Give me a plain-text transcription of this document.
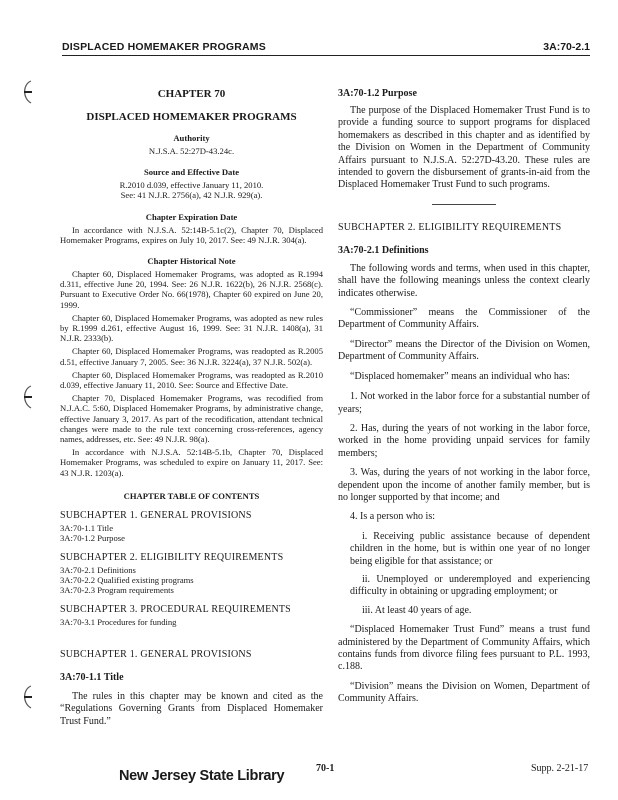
DISPLACED HOMEMAKER PROGRAMS	3A:70-2.1

CHAPTER 70

DISPLACED HOMEMAKER PROGRAMS

Authority

N.J.S.A. 52:27D-43.24c.

Source and Effective Date

R.2010 d.039, effective January 11, 2010.
See: 41 N.J.R. 2756(a), 42 N.J.R. 929(a).

Chapter Expiration Date

In accordance with N.J.S.A. 52:14B-5.1c(2), Chapter 70, Displaced Homemaker Programs, expires on July 10, 2017. See: 49 N.J.R. 304(a).

Chapter Historical Note

Chapter 60, Displaced Homemaker Programs, was adopted as R.1994 d.311, effective June 20, 1994. See: 26 N.J.R. 1622(b), 26 N.J.R. 2568(c). Pursuant to Executive Order No. 66(1978), Chapter 60 expired on June 20, 1999.

Chapter 60, Displaced Homemaker Programs, was adopted as new rules by R.1999 d.261, effective August 16, 1999. See: 31 N.J.R. 1408(a), 31 N.J.R. 2333(b).

Chapter 60, Displaced Homemaker Programs, was readopted as R.2005 d.51, effective January 7, 2005. See: 36 N.J.R. 3224(a), 37 N.J.R. 502(a).

Chapter 60, Displaced Homemaker Programs, was readopted as R.2010 d.039, effective January 11, 2010. See: Source and Effective Date.

Chapter 70, Displaced Homemaker Programs, was recodified from N.J.A.C. 5:60, Displaced Homemaker Programs, by administrative change, effective January 3, 2017. As part of the recodification, attendant technical changes were made to the rule text concerning cross-references, agency names, addresses, etc. See: 49 N.J.R. 98(a).

In accordance with N.J.S.A. 52:14B-5.1b, Chapter 70, Displaced Homemaker Programs, was scheduled to expire on January 11, 2017. See: 43 N.J.R. 1203(a).

CHAPTER TABLE OF CONTENTS

SUBCHAPTER 1. GENERAL PROVISIONS

3A:70-1.1 Title
3A:70-1.2 Purpose

SUBCHAPTER 2. ELIGIBILITY REQUIREMENTS

3A:70-2.1 Definitions
3A:70-2.2 Qualified existing programs
3A:70-2.3 Program requirements

SUBCHAPTER 3. PROCEDURAL REQUIREMENTS

3A:70-3.1 Procedures for funding

SUBCHAPTER 1. GENERAL PROVISIONS

3A:70-1.1 Title

The rules in this chapter may be known and cited as the “Regulations Governing Grants from Displaced Homemaker Trust Fund.”

3A:70-1.2 Purpose

The purpose of the Displaced Homemaker Trust Fund is to provide a funding source to support programs for displaced homemakers as described in this chapter and as identified by the Division on Women in the Department of Community Affairs pursuant to N.J.S.A. 52:27D-43.20. These rules are intended to govern the disbursement of grants-in-aid from the Displaced Homemaker Trust Fund to such programs.

SUBCHAPTER 2. ELIGIBILITY REQUIREMENTS

3A:70-2.1 Definitions

The following words and terms, when used in this chapter, shall have the following meanings unless the context clearly indicates otherwise.

“Commissioner” means the Commissioner of the Department of Community Affairs.

“Director” means the Director of the Division on Women, Department of Community Affairs.

“Displaced homemaker” means an individual who has:

1. Not worked in the labor force for a substantial number of years;

2. Has, during the years of not working in the labor force, worked in the home providing unpaid services for family members;

3. Was, during the years of not working in the labor force, dependent upon the income of another family member, but is no longer supported by that income; and

4. Is a person who is:

i. Receiving public assistance because of dependent children in the home, but is within one year of no longer being eligible for that assistance; or

ii. Unemployed or underemployed and experiencing difficulty in obtaining or upgrading employment; or

iii. At least 40 years of age.

“Displaced Homemaker Trust Fund” means a trust fund administered by the Department of Community Affairs, which contains funds from divorce filing fees pursuant to P.L. 1993, c.188.

“Division” means the Division on Women, Department of Community Affairs.

New Jersey State Library	70-1	Supp. 2-21-17
